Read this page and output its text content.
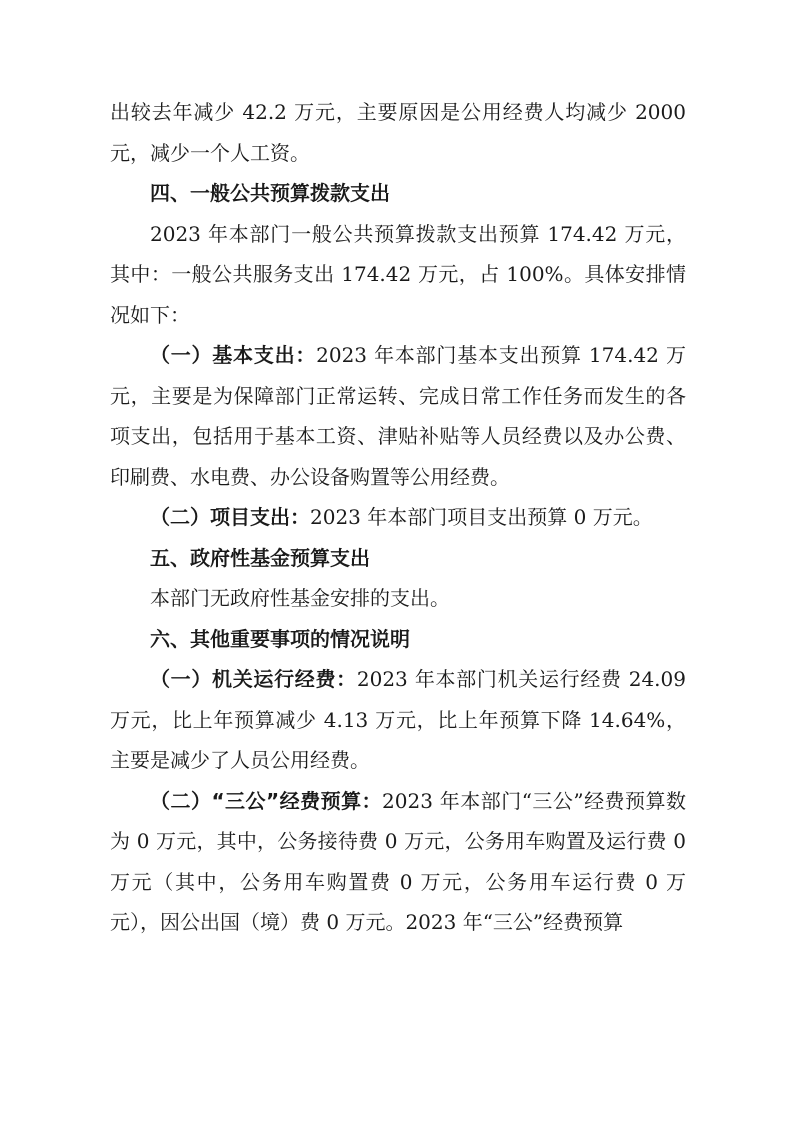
出较去年减少 42.2 万元，主要原因是公用经费人均减少 2000 元，减少一个人工资。

四、一般公共预算拨款支出

2023 年本部门一般公共预算拨款支出预算 174.42 万元，其中：一般公共服务支出 174.42 万元，占 100%。具体安排情况如下：

（一）基本支出：2023 年本部门基本支出预算 174.42 万元，主要是为保障部门正常运转、完成日常工作任务而发生的各项支出，包括用于基本工资、津贴补贴等人员经费以及办公费、印刷费、水电费、办公设备购置等公用经费。

（二）项目支出：2023 年本部门项目支出预算 0 万元。

五、政府性基金预算支出

本部门无政府性基金安排的支出。

六、其他重要事项的情况说明

（一）机关运行经费：2023 年本部门机关运行经费 24.09 万元，比上年预算减少 4.13 万元，比上年预算下降 14.64%，主要是减少了人员公用经费。

（二）“三公”经费预算：2023 年本部门“三公”经费预算数为 0 万元，其中，公务接待费 0 万元，公务用车购置及运行费 0 万元（其中，公务用车购置费 0 万元，公务用车运行费 0 万元），因公出国（境）费 0 万元。2023 年“三公”经费预算
